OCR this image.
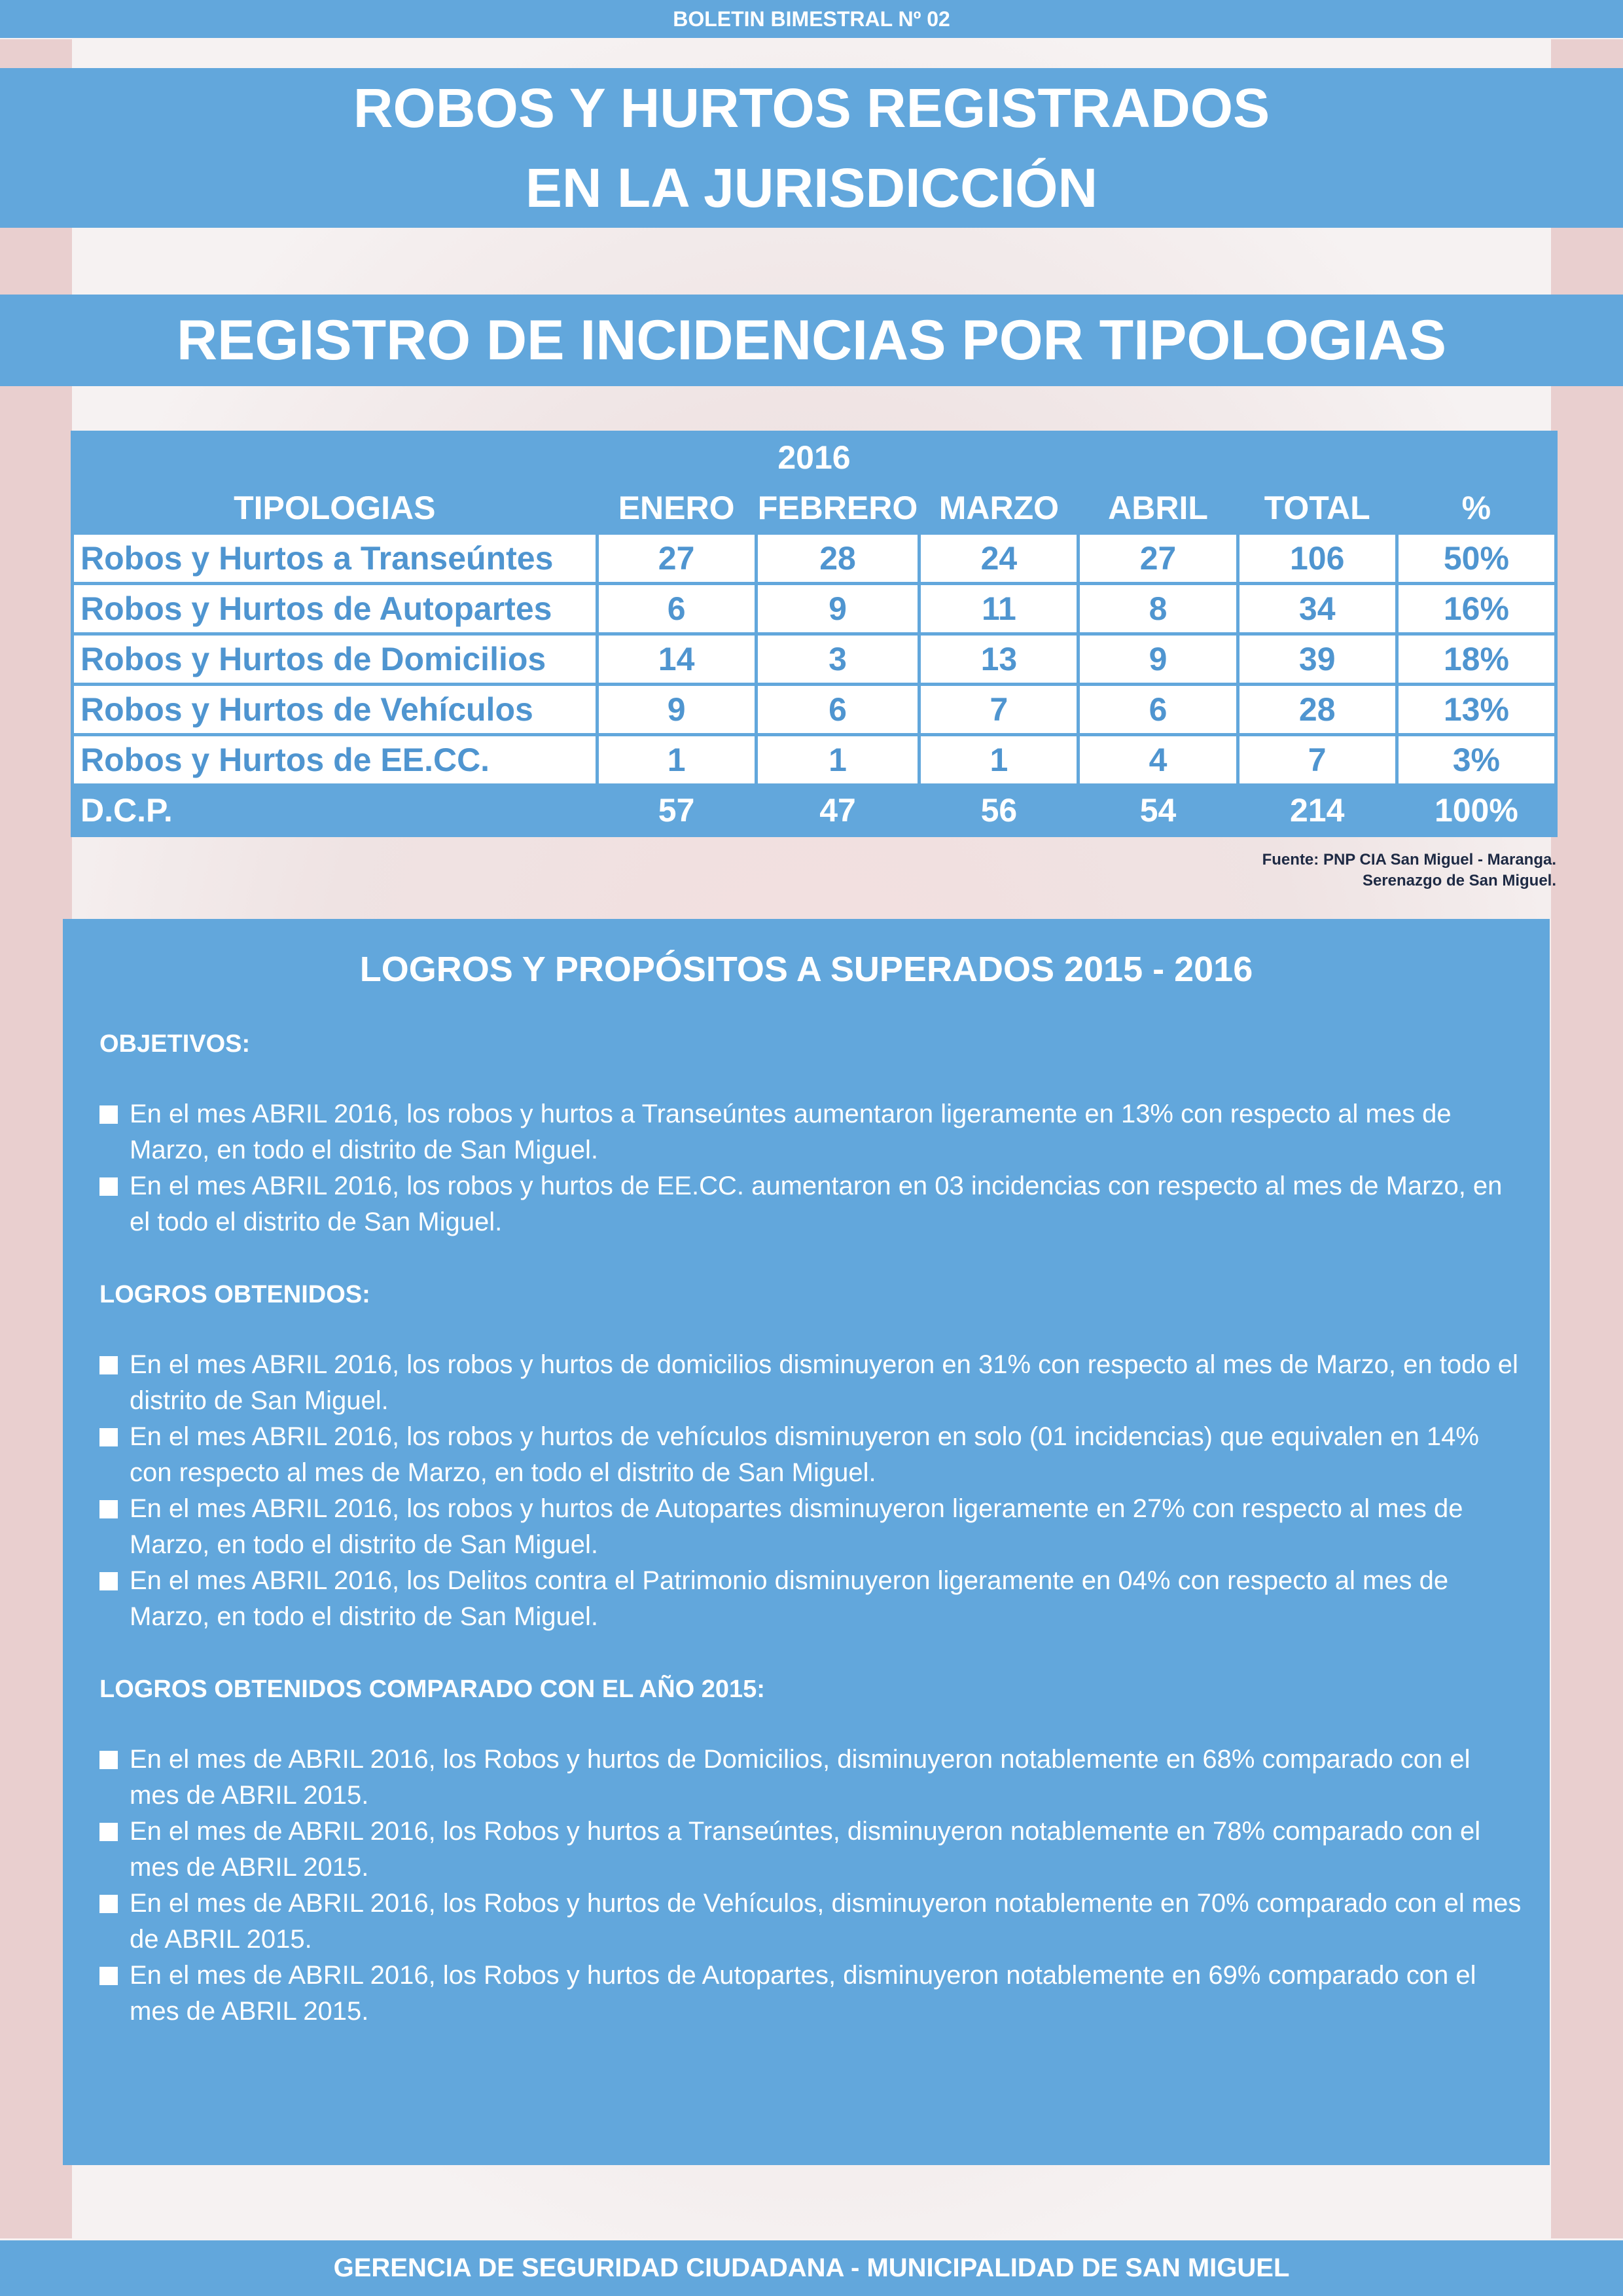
BOLETIN BIMESTRAL Nº 02
ROBOS Y HURTOS REGISTRADOS
EN LA JURISDICCIÓN
REGISTRO DE INCIDENCIAS POR TIPOLOGIAS
2016						
TIPOLOGIAS	ENERO	FEBRERO	MARZO	ABRIL	TOTAL	%
Robos y Hurtos a Transeúntes	27	28	24	27	106	50%
Robos y Hurtos de Autopartes	6	9	11	8	34	16%
Robos y Hurtos de Domicilios	14	3	13	9	39	18%
Robos y Hurtos de Vehículos	9	6	7	6	28	13%
Robos y Hurtos de EE.CC.	1	1	1	4	7	3%
D.C.P.	57	47	56	54	214	100%
Fuente: PNP CIA San Miguel - Maranga.
Serenazgo de San Miguel.
LOGROS Y PROPÓSITOS A SUPERADOS 2015 - 2016
OBJETIVOS:
En el mes ABRIL 2016, los robos y hurtos a Transeúntes aumentaron ligeramente en 13% con respecto al mes de Marzo, en todo el distrito de San Miguel.
En el mes ABRIL 2016, los robos y hurtos de EE.CC. aumentaron en 03 incidencias con respecto al mes de Marzo, en el todo el distrito de San Miguel.
LOGROS OBTENIDOS:
En el mes ABRIL 2016, los robos y hurtos de domicilios disminuyeron en 31% con respecto al mes de Marzo, en todo el distrito de San Miguel.
En el mes ABRIL 2016, los robos y hurtos de vehículos disminuyeron en solo (01 incidencias) que equivalen en 14% con respecto al mes de Marzo, en todo el distrito de San Miguel.
En el mes ABRIL 2016, los robos y hurtos de Autopartes disminuyeron ligeramente en 27% con respecto al mes de Marzo, en todo el distrito de San Miguel.
En el mes ABRIL 2016, los Delitos contra el Patrimonio disminuyeron ligeramente en 04% con respecto al mes de Marzo, en todo el distrito de San Miguel.
LOGROS OBTENIDOS COMPARADO CON EL AÑO 2015:
En el mes de ABRIL 2016, los Robos y hurtos de Domicilios, disminuyeron notablemente en 68% comparado con el mes de ABRIL 2015.
En el mes de ABRIL 2016, los Robos y hurtos a Transeúntes, disminuyeron notablemente en 78% comparado con el mes de ABRIL 2015.
En el mes de ABRIL 2016, los Robos y hurtos de Vehículos, disminuyeron notablemente en 70% comparado con el mes de ABRIL 2015.
En el mes de ABRIL 2016, los Robos y hurtos de Autopartes, disminuyeron notablemente en 69% comparado con el mes de ABRIL 2015.
GERENCIA DE SEGURIDAD CIUDADANA - MUNICIPALIDAD DE SAN MIGUEL
